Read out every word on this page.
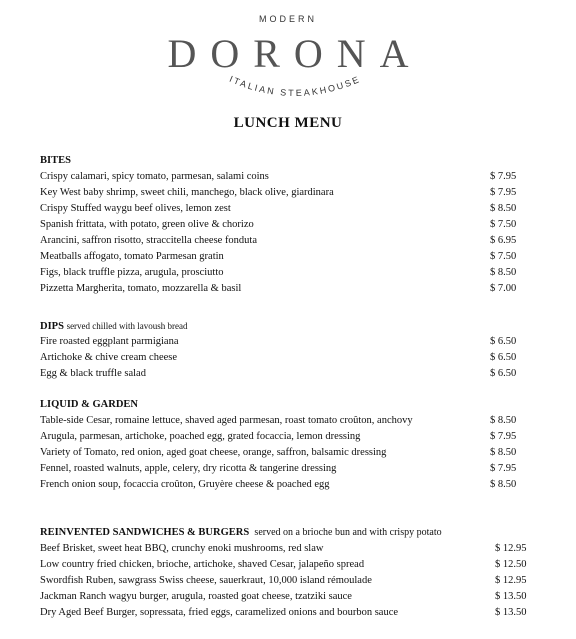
MODERN
DORONA
ITALIAN STEAKHOUSE
LUNCH MENU
BITES
Crispy calamari, spicy tomato, parmesan, salami coins	$ 7.95
Key West baby shrimp, sweet chili, manchego, black olive, giardinara	$ 7.95
Crispy Stuffed waygu beef olives, lemon zest	$ 8.50
Spanish frittata, with potato, green olive & chorizo	$ 7.50
Arancini, saffron risotto, straccitella cheese fonduta	$ 6.95
Meatballs affogato, tomato Parmesan gratin	$ 7.50
Figs, black truffle pizza, arugula, prosciutto	$ 8.50
Pizzetta Margherita, tomato, mozzarella & basil	$ 7.00
DIPS served chilled with lavoush bread
Fire roasted eggplant parmigiana	$ 6.50
Artichoke & chive cream cheese	$ 6.50
Egg & black truffle salad	$ 6.50
LIQUID & GARDEN
Table-side Cesar, romaine lettuce, shaved aged parmesan, roast tomato croûton, anchovy	$ 8.50
Arugula, parmesan, artichoke, poached egg, grated focaccia, lemon dressing	$ 7.95
Variety of Tomato, red onion, aged goat cheese, orange, saffron, balsamic dressing	$ 8.50
Fennel, roasted walnuts, apple, celery, dry ricotta & tangerine dressing	$ 7.95
French onion soup, focaccia croûton, Gruyère cheese & poached egg	$ 8.50
REINVENTED SANDWICHES & BURGERS served on a brioche bun and with crispy potato
Beef Brisket, sweet heat BBQ, crunchy enoki mushrooms, red slaw	$ 12.95
Low country fried chicken, brioche, artichoke, shaved Cesar, jalapeño spread	$ 12.50
Swordfish Ruben, sawgrass Swiss cheese, sauerkraut, 10,000 island rémoulade	$ 12.95
Jackman Ranch wagyu burger, arugula, roasted goat cheese, tzatziki sauce	$ 13.50
Dry Aged Beef Burger, sopressata, fried eggs, caramelized onions and bourbon sauce	$ 13.50
